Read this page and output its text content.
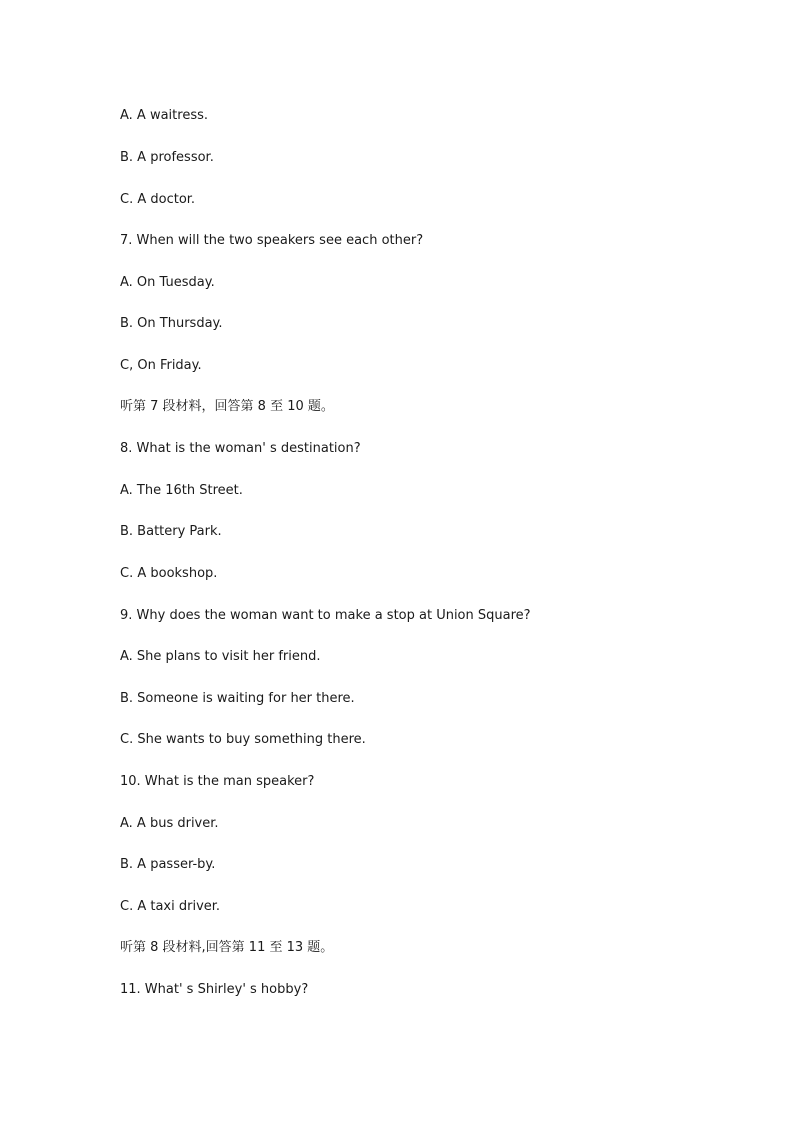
A. A waitress.

B. A professor.

C. A doctor.

7. When will the two speakers see each other?

A. On Tuesday.

B. On Thursday.

C, On Friday.

听第 7 段材料，回答第 8 至 10 题。

8. What is the woman' s destination?

A. The 16th Street.

B. Battery Park.

C. A bookshop.

9. Why does the woman want to make a stop at Union Square?

A. She plans to visit her friend.

B. Someone is waiting for her there.

C. She wants to buy something there.

10. What is the man speaker?

A. A bus driver.

B. A passer-by.

C. A taxi driver.

听第 8 段材料,回答第 11 至 13 题。

11. What' s Shirley' s hobby?
